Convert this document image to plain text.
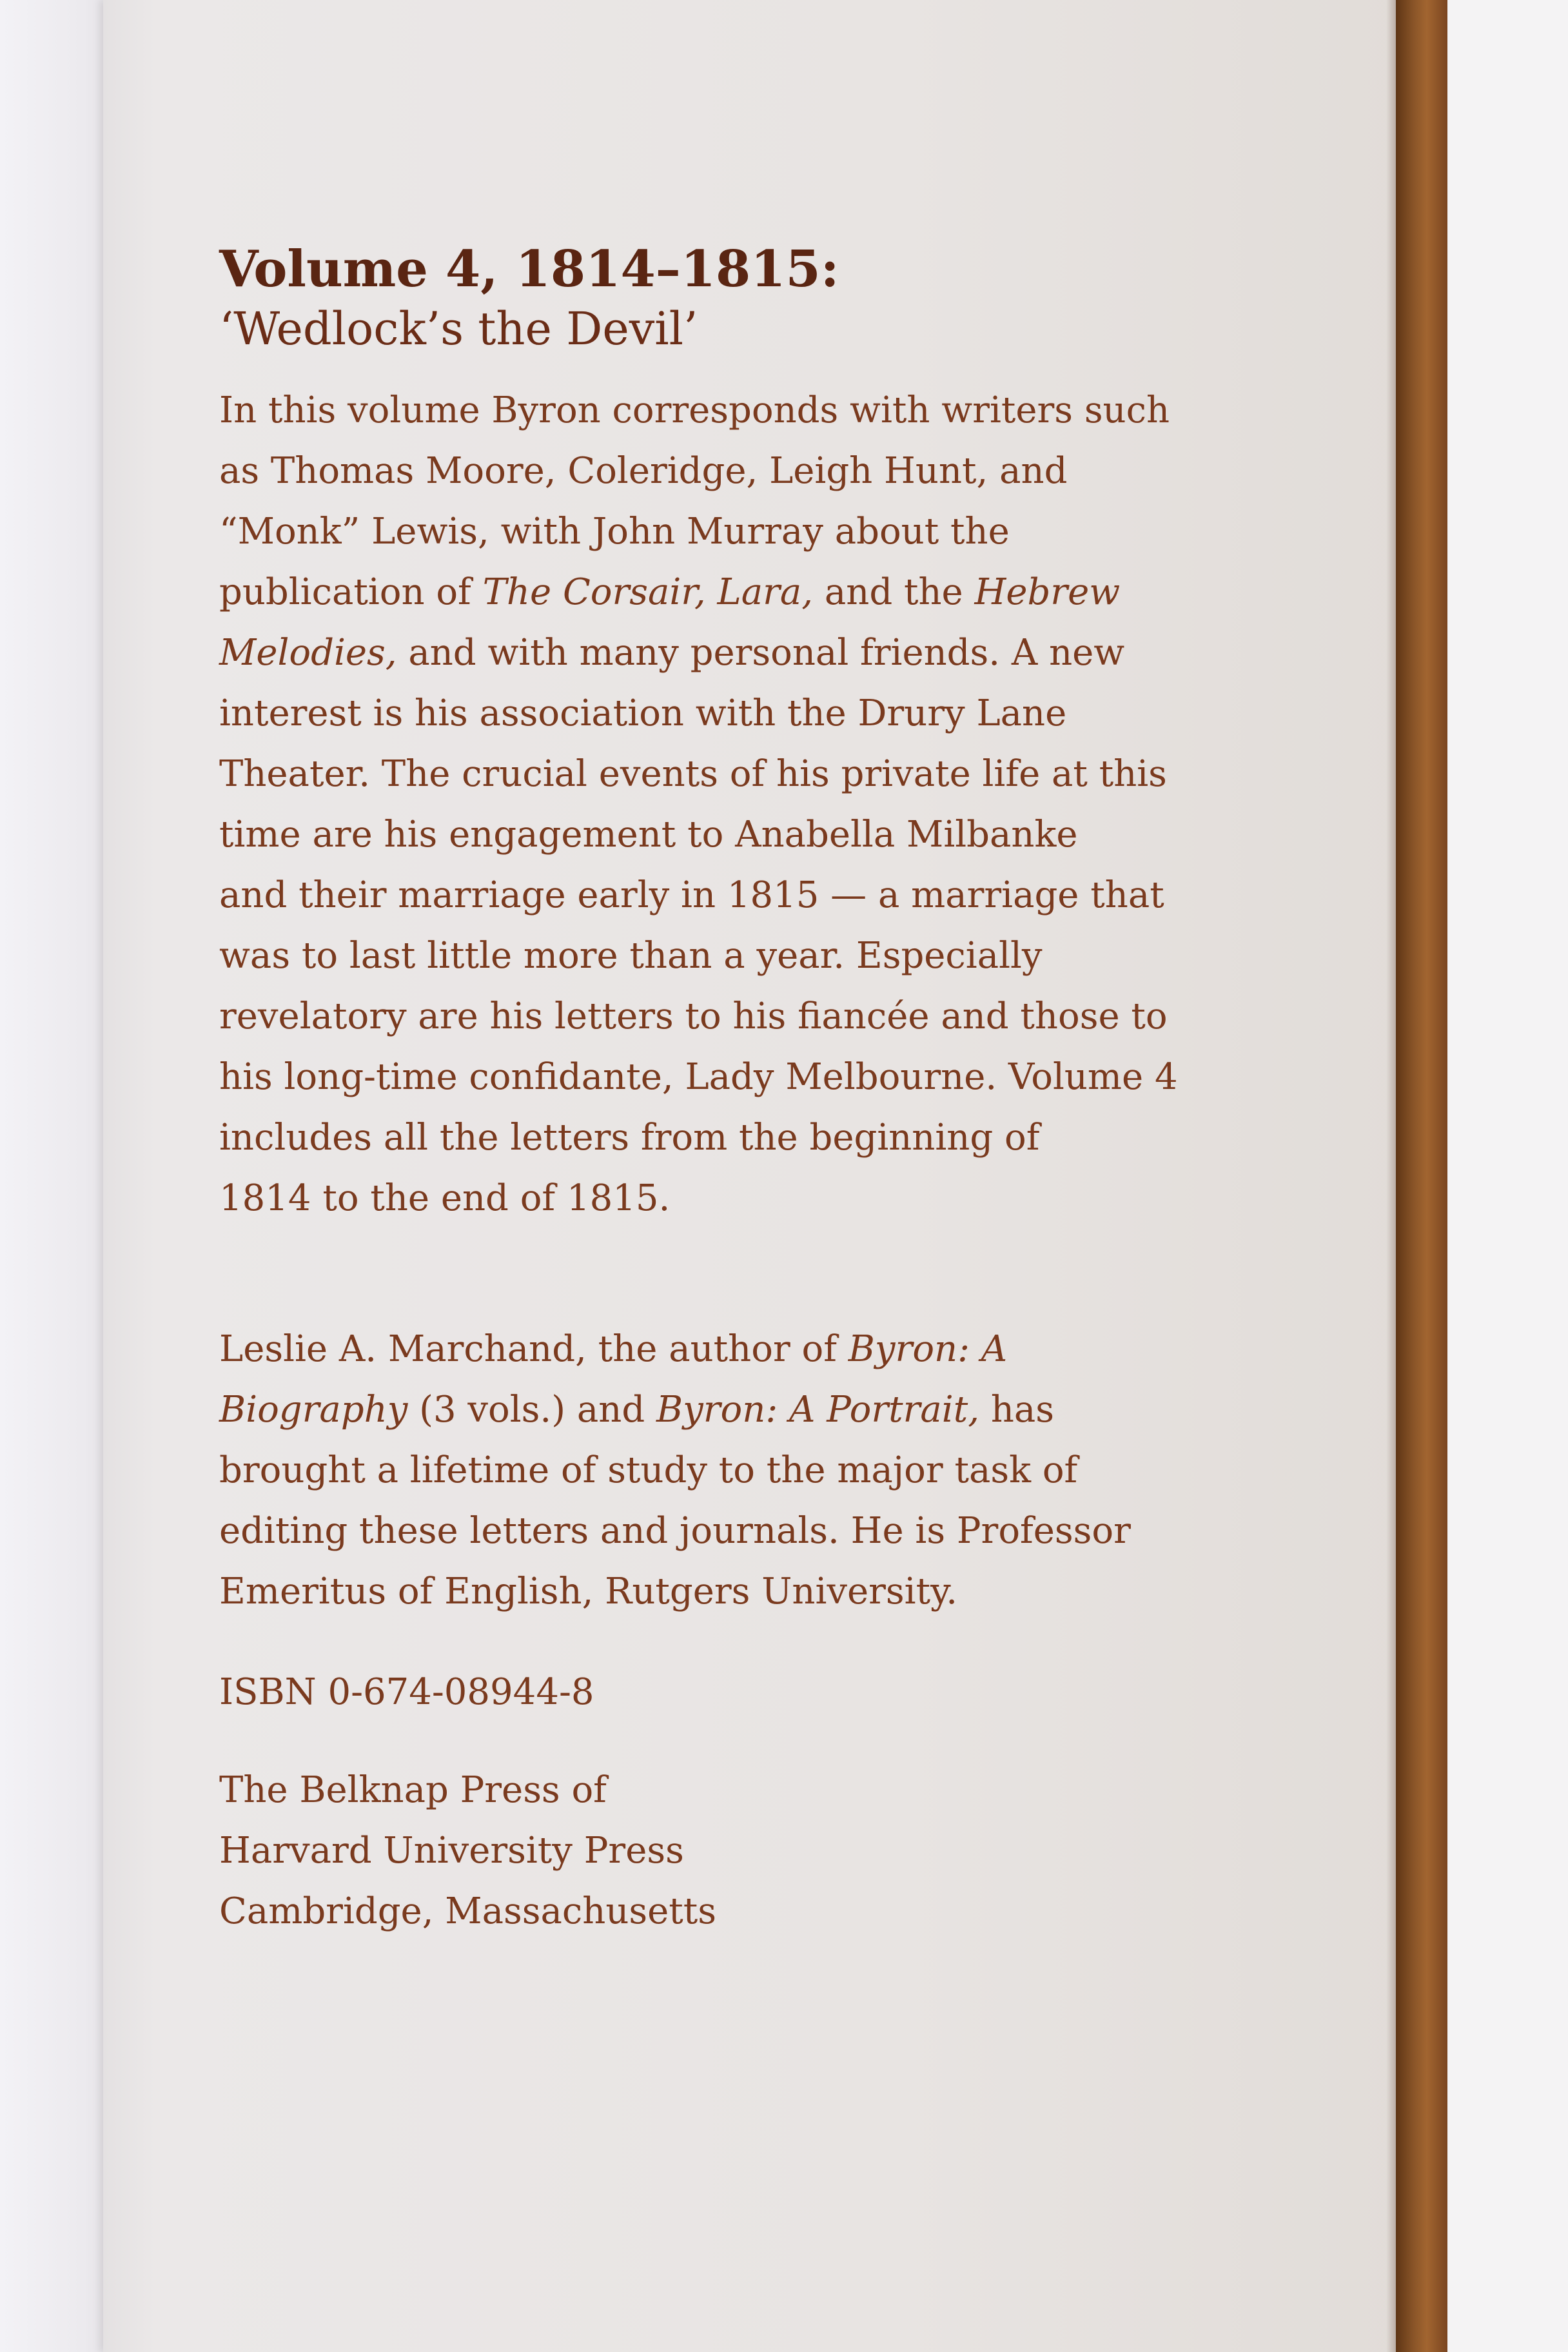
Volume 4, 1814–1815:

‘Wedlock’s the Devil’

In this volume Byron corresponds with writers such
as Thomas Moore, Coleridge, Leigh Hunt, and
“Monk” Lewis, with John Murray about the
publication of The Corsair, Lara, and the Hebrew
Melodies, and with many personal friends. A new
interest is his association with the Drury Lane
Theater. The crucial events of his private life at this
time are his engagement to Anabella Milbanke
and their marriage early in 1815 — a marriage that
was to last little more than a year. Especially
revelatory are his letters to his fiancée and those to
his long-time confidante, Lady Melbourne. Volume 4
includes all the letters from the beginning of
1814 to the end of 1815.
Leslie A. Marchand, the author of Byron: A
Biography (3 vols.) and Byron: A Portrait, has
brought a lifetime of study to the major task of
editing these letters and journals. He is Professor
Emeritus of English, Rutgers University.
ISBN 0-674-08944-8
The Belknap Press of
Harvard University Press
Cambridge, Massachusetts
